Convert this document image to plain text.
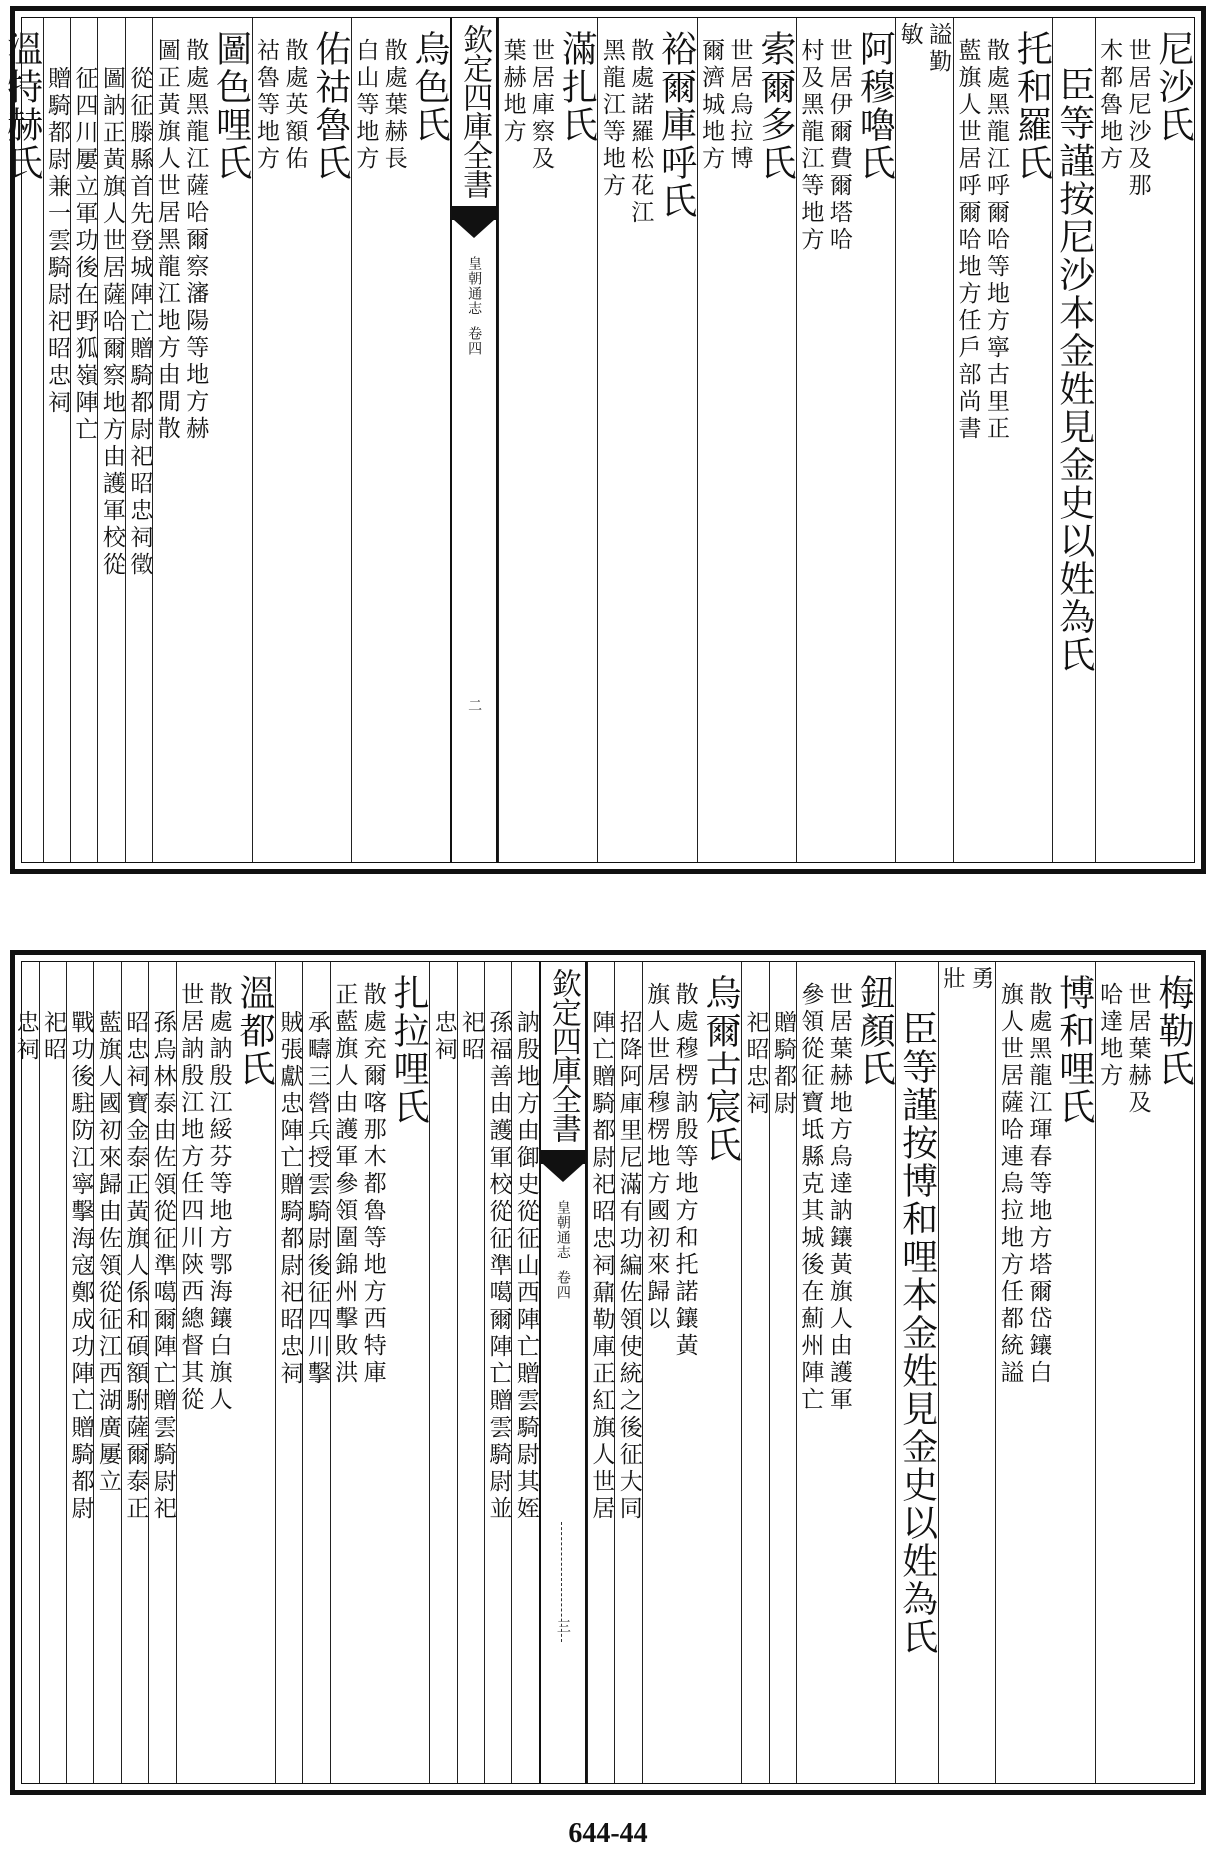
尼沙氏
世居尼沙及那
木都魯地方
臣等謹按尼沙本金姓見金史以姓為氏
托和羅氏
散處黑龍江呼爾哈等地方寧古里正
藍旗人世居呼爾哈地方任戶部尚書
謚勤
敏
阿穆嚕氏
世居伊爾費爾塔哈
村及黑龍江等地方
索爾多氏
世居烏拉博
爾濟城地方
裕爾庫呼氏
散處諾羅松花江
黑龍江等地方
滿扎氏
世居庫察及
葉赫地方
欽定四庫全書
皇朝通志
卷四
二
烏色氏
散處葉赫長
白山等地方
佑祜魯氏
散處英額佑
祜魯等地方
圖色哩氏
散處黑龍江薩哈爾察瀋陽等地方赫
圖正黃旗人世居黑龍江地方由閒散
從征滕縣首先登城陣亡贈騎都尉祀昭忠祠徵
圖訥正黃旗人世居薩哈爾察地方由護軍校從
征四川屢立軍功後在野狐嶺陣亡
贈騎都尉兼一雲騎尉祀昭忠祠
溫特赫氏
梅勒氏
世居葉赫及
哈達地方
博和哩氏
散處黑龍江琿春等地方塔爾岱鑲白
旗人世居薩哈連烏拉地方任都統謚
勇
壯
臣等謹按博和哩本金姓見金史以姓為氏
鈕顏氏
世居葉赫地方烏達訥鑲黃旗人由護軍
參領從征寶坻縣克其城後在薊州陣亡
贈騎都尉
祀昭忠祠
烏爾古宸氏
散處穆楞訥殷等地方和托諾鑲黃
旗人世居穆楞地方國初來歸以
招降阿庫里尼滿有功編佐領使統之後征大同
陣亡贈騎都尉祀昭忠祠鼐勒庫正紅旗人世居
欽定四庫全書
皇朝通志
卷四
三
訥殷地方由御史從征山西陣亡贈雲騎尉其姪
孫福善由護軍校從征準噶爾陣亡贈雲騎尉並
祀昭
忠祠
扎拉哩氏
散處充爾喀那木都魯等地方西特庫
正藍旗人由護軍參領圍錦州擊敗洪
承疇三營兵授雲騎尉後征四川擊
賊張獻忠陣亡贈騎都尉祀昭忠祠
溫都氏
散處訥殷江綏芬等地方鄂海鑲白旗人
世居訥殷江地方任四川陝西總督其從
孫烏林泰由佐領從征準噶爾陣亡贈雲騎尉祀
昭忠祠寶金泰正黃旗人係和碩額駙薩爾泰正
藍旗人國初來歸由佐領從征江西湖廣屢立
戰功後駐防江寧擊海寇鄭成功陣亡贈騎都尉
祀昭
忠祠
644-44
